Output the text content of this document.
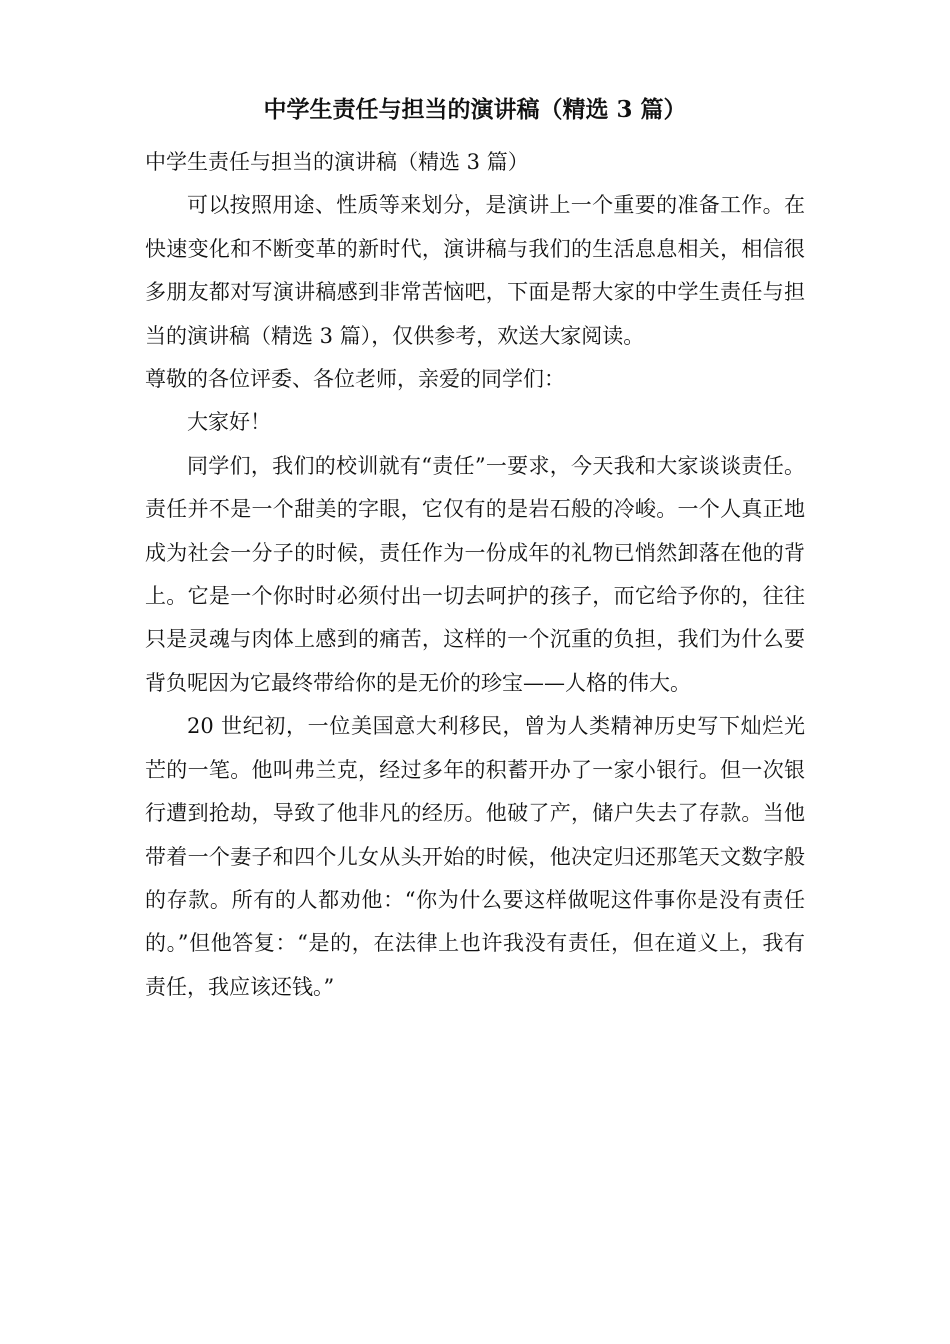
中学生责任与担当的演讲稿（精选 3 篇）

中学生责任与担当的演讲稿（精选 3 篇）

可以按照用途、性质等来划分，是演讲上一个重要的准备工作。在快速变化和不断变革的新时代，演讲稿与我们的生活息息相关，相信很多朋友都对写演讲稿感到非常苦恼吧，下面是帮大家的中学生责任与担当的演讲稿（精选 3 篇），仅供参考，欢送大家阅读。

尊敬的各位评委、各位老师，亲爱的同学们：

大家好！

同学们，我们的校训就有“责任”一要求，今天我和大家谈谈责任。责任并不是一个甜美的字眼，它仅有的是岩石般的冷峻。一个人真正地成为社会一分子的时候，责任作为一份成年的礼物已悄然卸落在他的背上。它是一个你时时必须付出一切去呵护的孩子，而它给予你的，往往只是灵魂与肉体上感到的痛苦，这样的一个沉重的负担，我们为什么要背负呢因为它最终带给你的是无价的珍宝——人格的伟大。

20 世纪初，一位美国意大利移民，曾为人类精神历史写下灿烂光芒的一笔。他叫弗兰克，经过多年的积蓄开办了一家小银行。但一次银行遭到抢劫，导致了他非凡的经历。他破了产，储户失去了存款。当他带着一个妻子和四个儿女从头开始的时候，他决定归还那笔天文数字般的存款。所有的人都劝他：“你为什么要这样做呢这件事你是没有责任的。”但他答复：“是的，在法律上也许我没有责任，但在道义上，我有责任，我应该还钱。”
